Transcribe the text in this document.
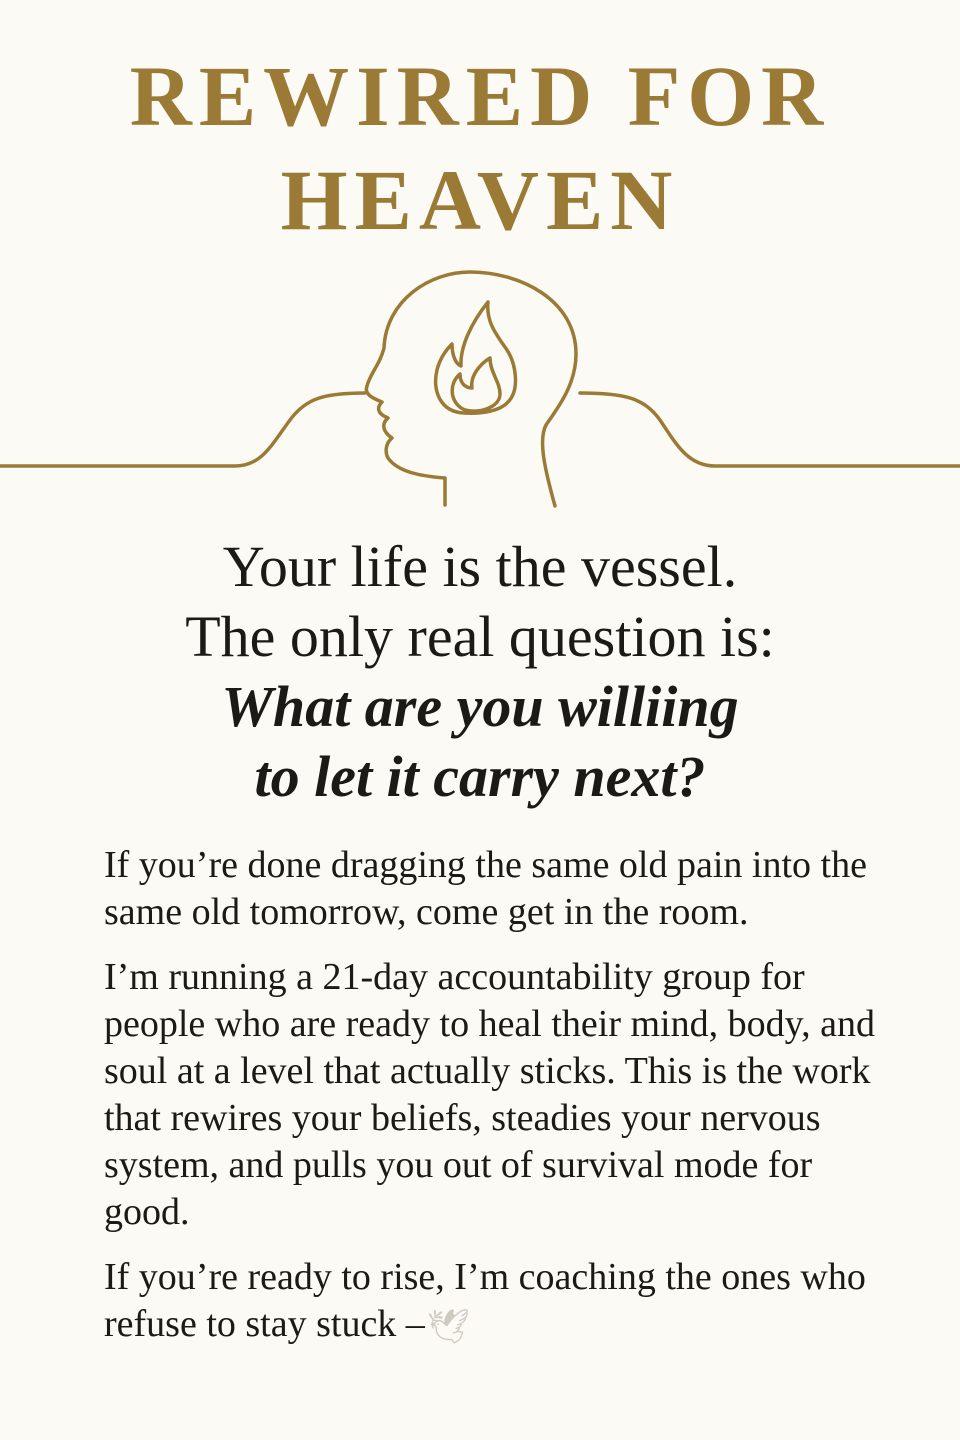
REWIRED FOR
HEAVEN
Your life is the vessel.
The only real question is:
What are you williing
to let it carry next?

If you’re done dragging the same old pain into the same old tomorrow, come get in the room.

I’m running a 21-day accountability group for people who are ready to heal their mind, body, and soul at a level that actually sticks. This is the work that rewires your beliefs, steadies your nervous system, and pulls you out of survival mode for good.

If you’re ready to rise, I’m coaching the ones who refuse to stay stuck –🕊
